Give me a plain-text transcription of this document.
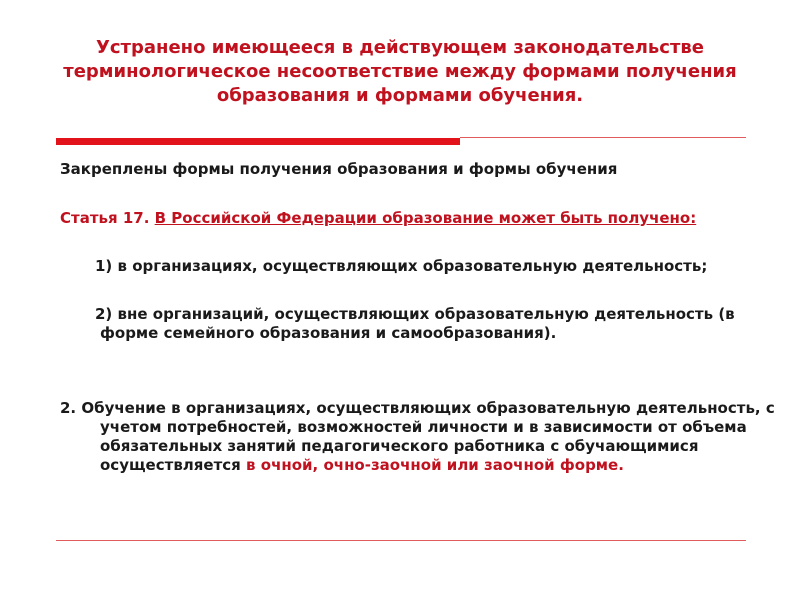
Устранено имеющееся в действующем законодательстве терминологическое несоответствие между формами получения образования и формами обучения.

Закреплены формы получения образования и формы обучения

Статья 17. В Российской Федерации образование может быть получено:

1) в организациях, осуществляющих образовательную деятельность;

2) вне организаций, осуществляющих образовательную деятельность (в форме семейного образования и самообразования).

2. Обучение в организациях, осуществляющих образовательную деятельность, с учетом потребностей, возможностей личности и в зависимости от объема обязательных занятий педагогического работника с обучающимися осуществляется в очной, очно-заочной или заочной форме.
